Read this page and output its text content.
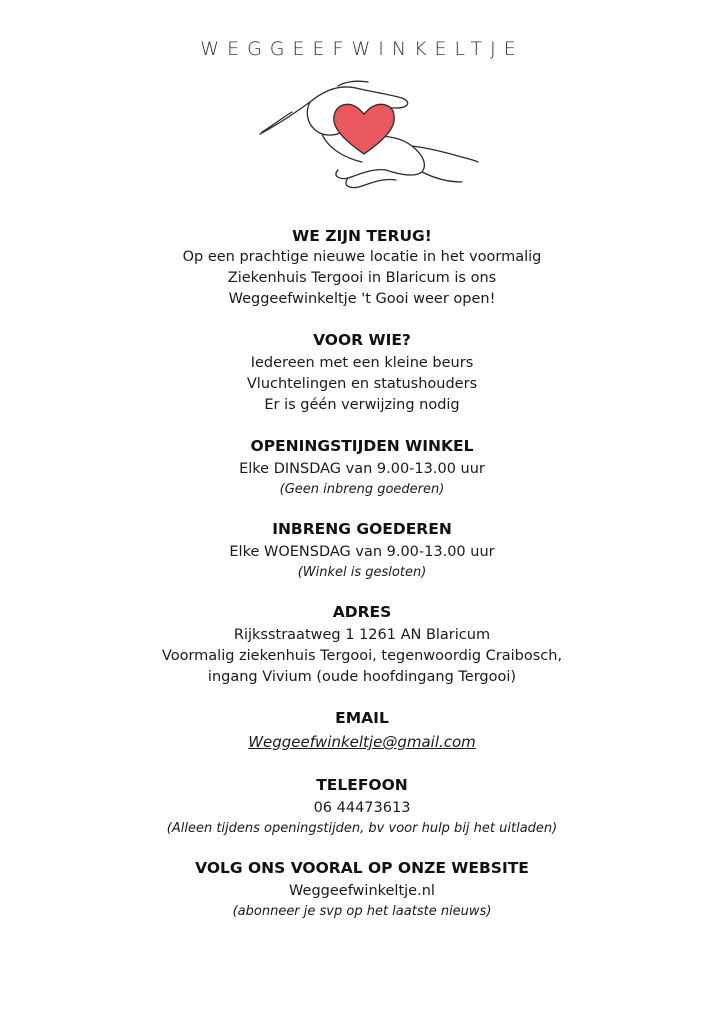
WEGGEEFWINKELTJE
WE ZIJN TERUG!
Op een prachtige nieuwe locatie in het voormalig
Ziekenhuis Tergooi in Blaricum is ons
Weggeefwinkeltje 't Gooi weer open!
VOOR WIE?
Iedereen met een kleine beurs
Vluchtelingen en statushouders
Er is géén verwijzing nodig
OPENINGSTIJDEN WINKEL
Elke DINSDAG van 9.00-13.00 uur
(Geen inbreng goederen)
INBRENG GOEDEREN
Elke WOENSDAG van 9.00-13.00 uur
(Winkel is gesloten)
ADRES
Rijksstraatweg 1 1261 AN Blaricum
Voormalig ziekenhuis Tergooi, tegenwoordig Craibosch,
ingang Vivium (oude hoofdingang Tergooi)
EMAIL
Weggeefwinkeltje@gmail.com
TELEFOON
06 44473613
(Alleen tijdens openingstijden, bv voor hulp bij het uitladen)
VOLG ONS VOORAL OP ONZE WEBSITE
Weggeefwinkeltje.nl
(abonneer je svp op het laatste nieuws)
